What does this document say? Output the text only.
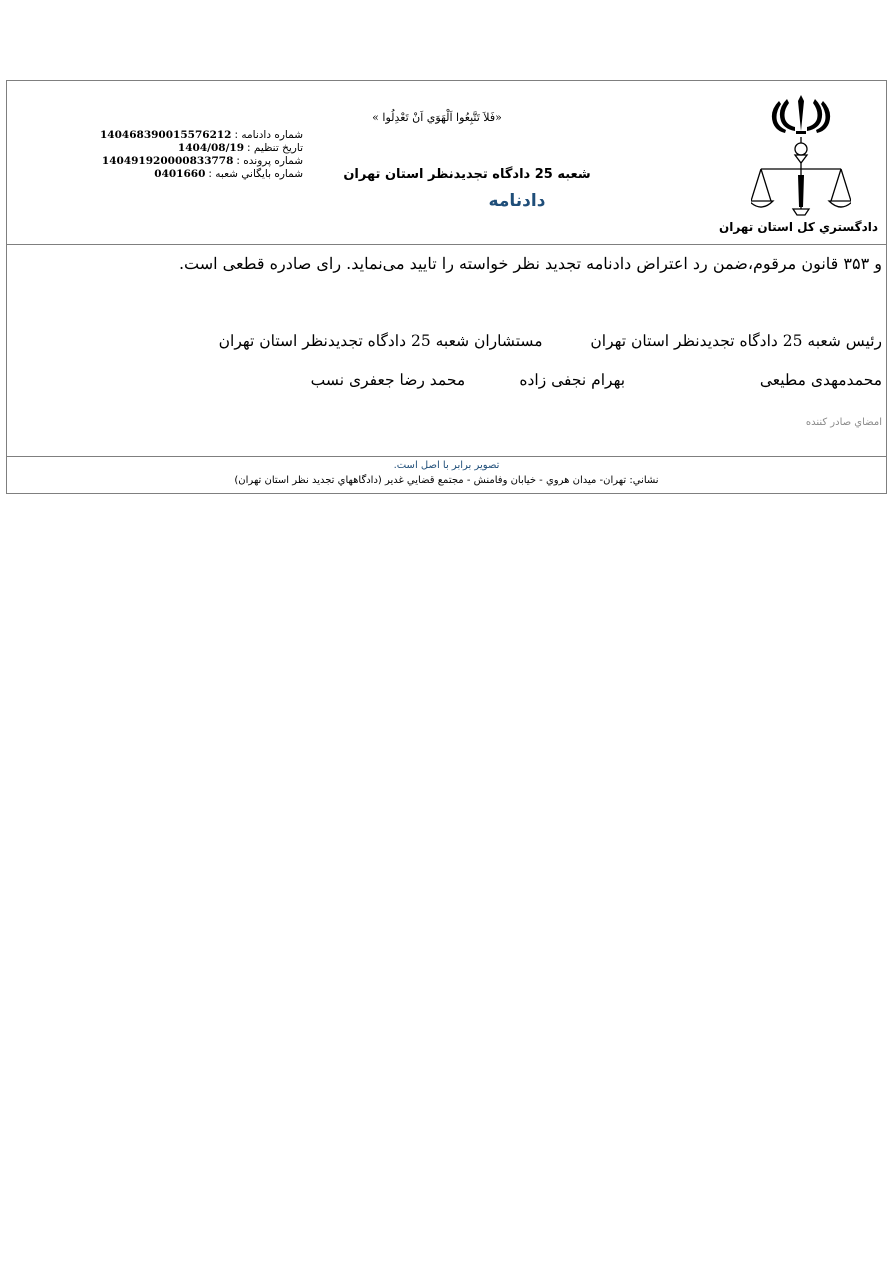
دادگستري كل استان تهران
«فَلاَ تَتَّبِعُوا اَلْهَوَي اَنْ تَعْدِلُوا »
شعبه 25 دادگاه تجديدنظر استان تهران
دادنامه
شماره دادنامه :
140468390015576212
تاريخ تنظيم :
1404/08/19
شماره پرونده :
140491920000833778
شماره بايگاني شعبه :
0401660
و ۳۵۳ قانون مرقوم،ضمن رد اعتراض دادنامه تجدید نظر خواسته را تایید می‌نماید. رای صادره قطعی است.
رئیس شعبه 25 دادگاه تجدیدنظر استان تهران  مستشاران شعبه 25 دادگاه تجدیدنظر استان تهران
محمدمهدی مطیعی بهرام نجفی زاده  محمد رضا جعفری نسب
امضاي صادر كننده
تصوير برابر با اصل است.
نشاني: تهران- ميدان هروي - خيابان وفامنش - مجتمع قضايي غدير (دادگاههاي تجديد نظر استان تهران)
